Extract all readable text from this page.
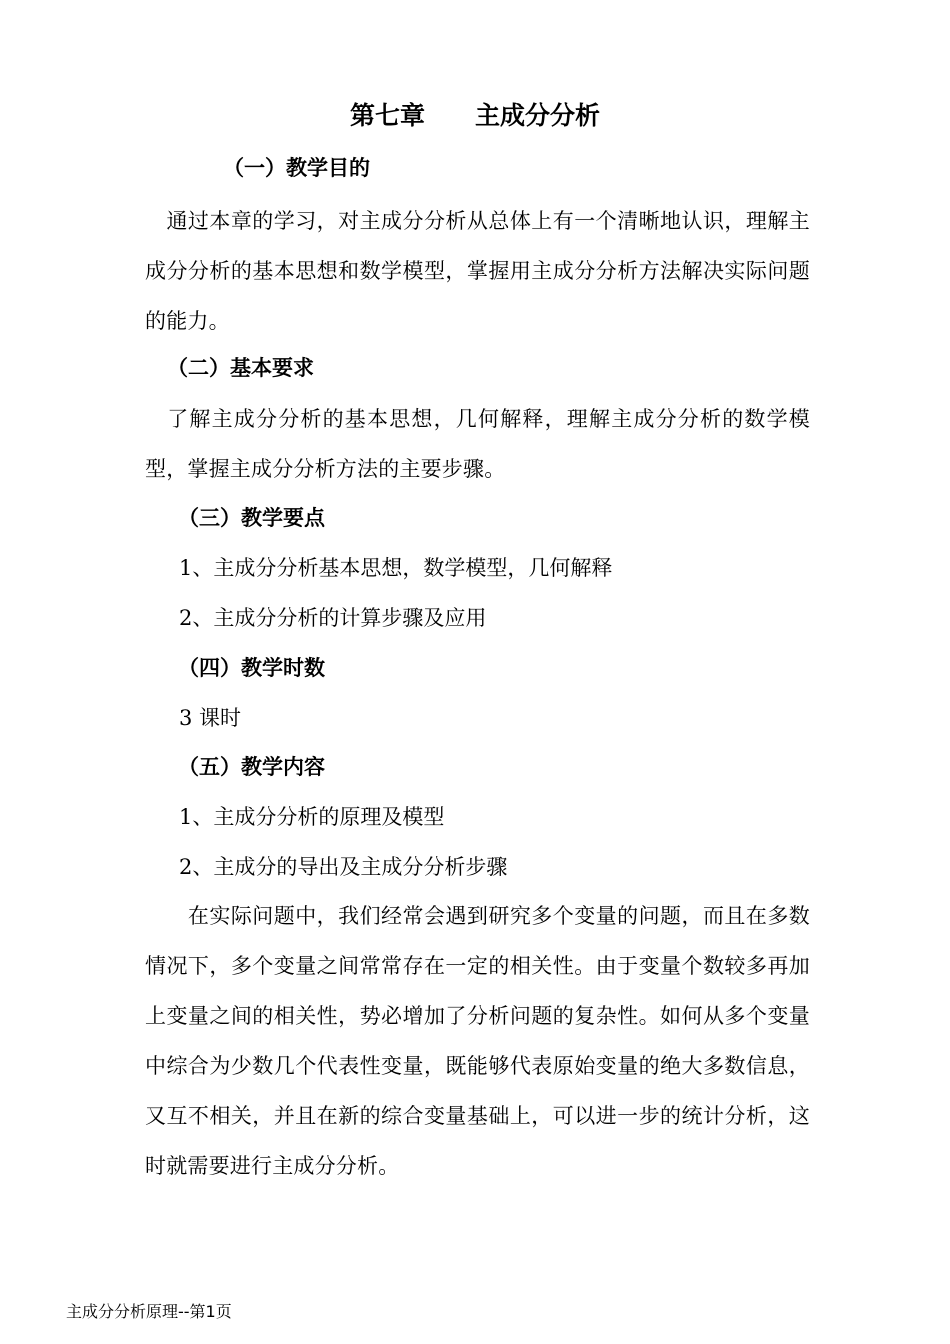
第七章　　主成分分析
（一）教学目的
　通过本章的学习，对主成分分析从总体上有一个清晰地认识，理解主成分分析的基本思想和数学模型，掌握用主成分分析方法解决实际问题的能力。
（二）基本要求
　了解主成分分析的基本思想，几何解释，理解主成分分析的数学模型，掌握主成分分析方法的主要步骤。
（三）教学要点
1、主成分分析基本思想，数学模型，几何解释
2、主成分分析的计算步骤及应用
（四）教学时数
3 课时
（五）教学内容
1、主成分分析的原理及模型
2、主成分的导出及主成分分析步骤
　　在实际问题中，我们经常会遇到研究多个变量的问题，而且在多数情况下，多个变量之间常常存在一定的相关性。由于变量个数较多再加上变量之间的相关性，势必增加了分析问题的复杂性。如何从多个变量中综合为少数几个代表性变量，既能够代表原始变量的绝大多数信息，又互不相关，并且在新的综合变量基础上，可以进一步的统计分析，这时就需要进行主成分分析。
主成分分析原理--第1页
